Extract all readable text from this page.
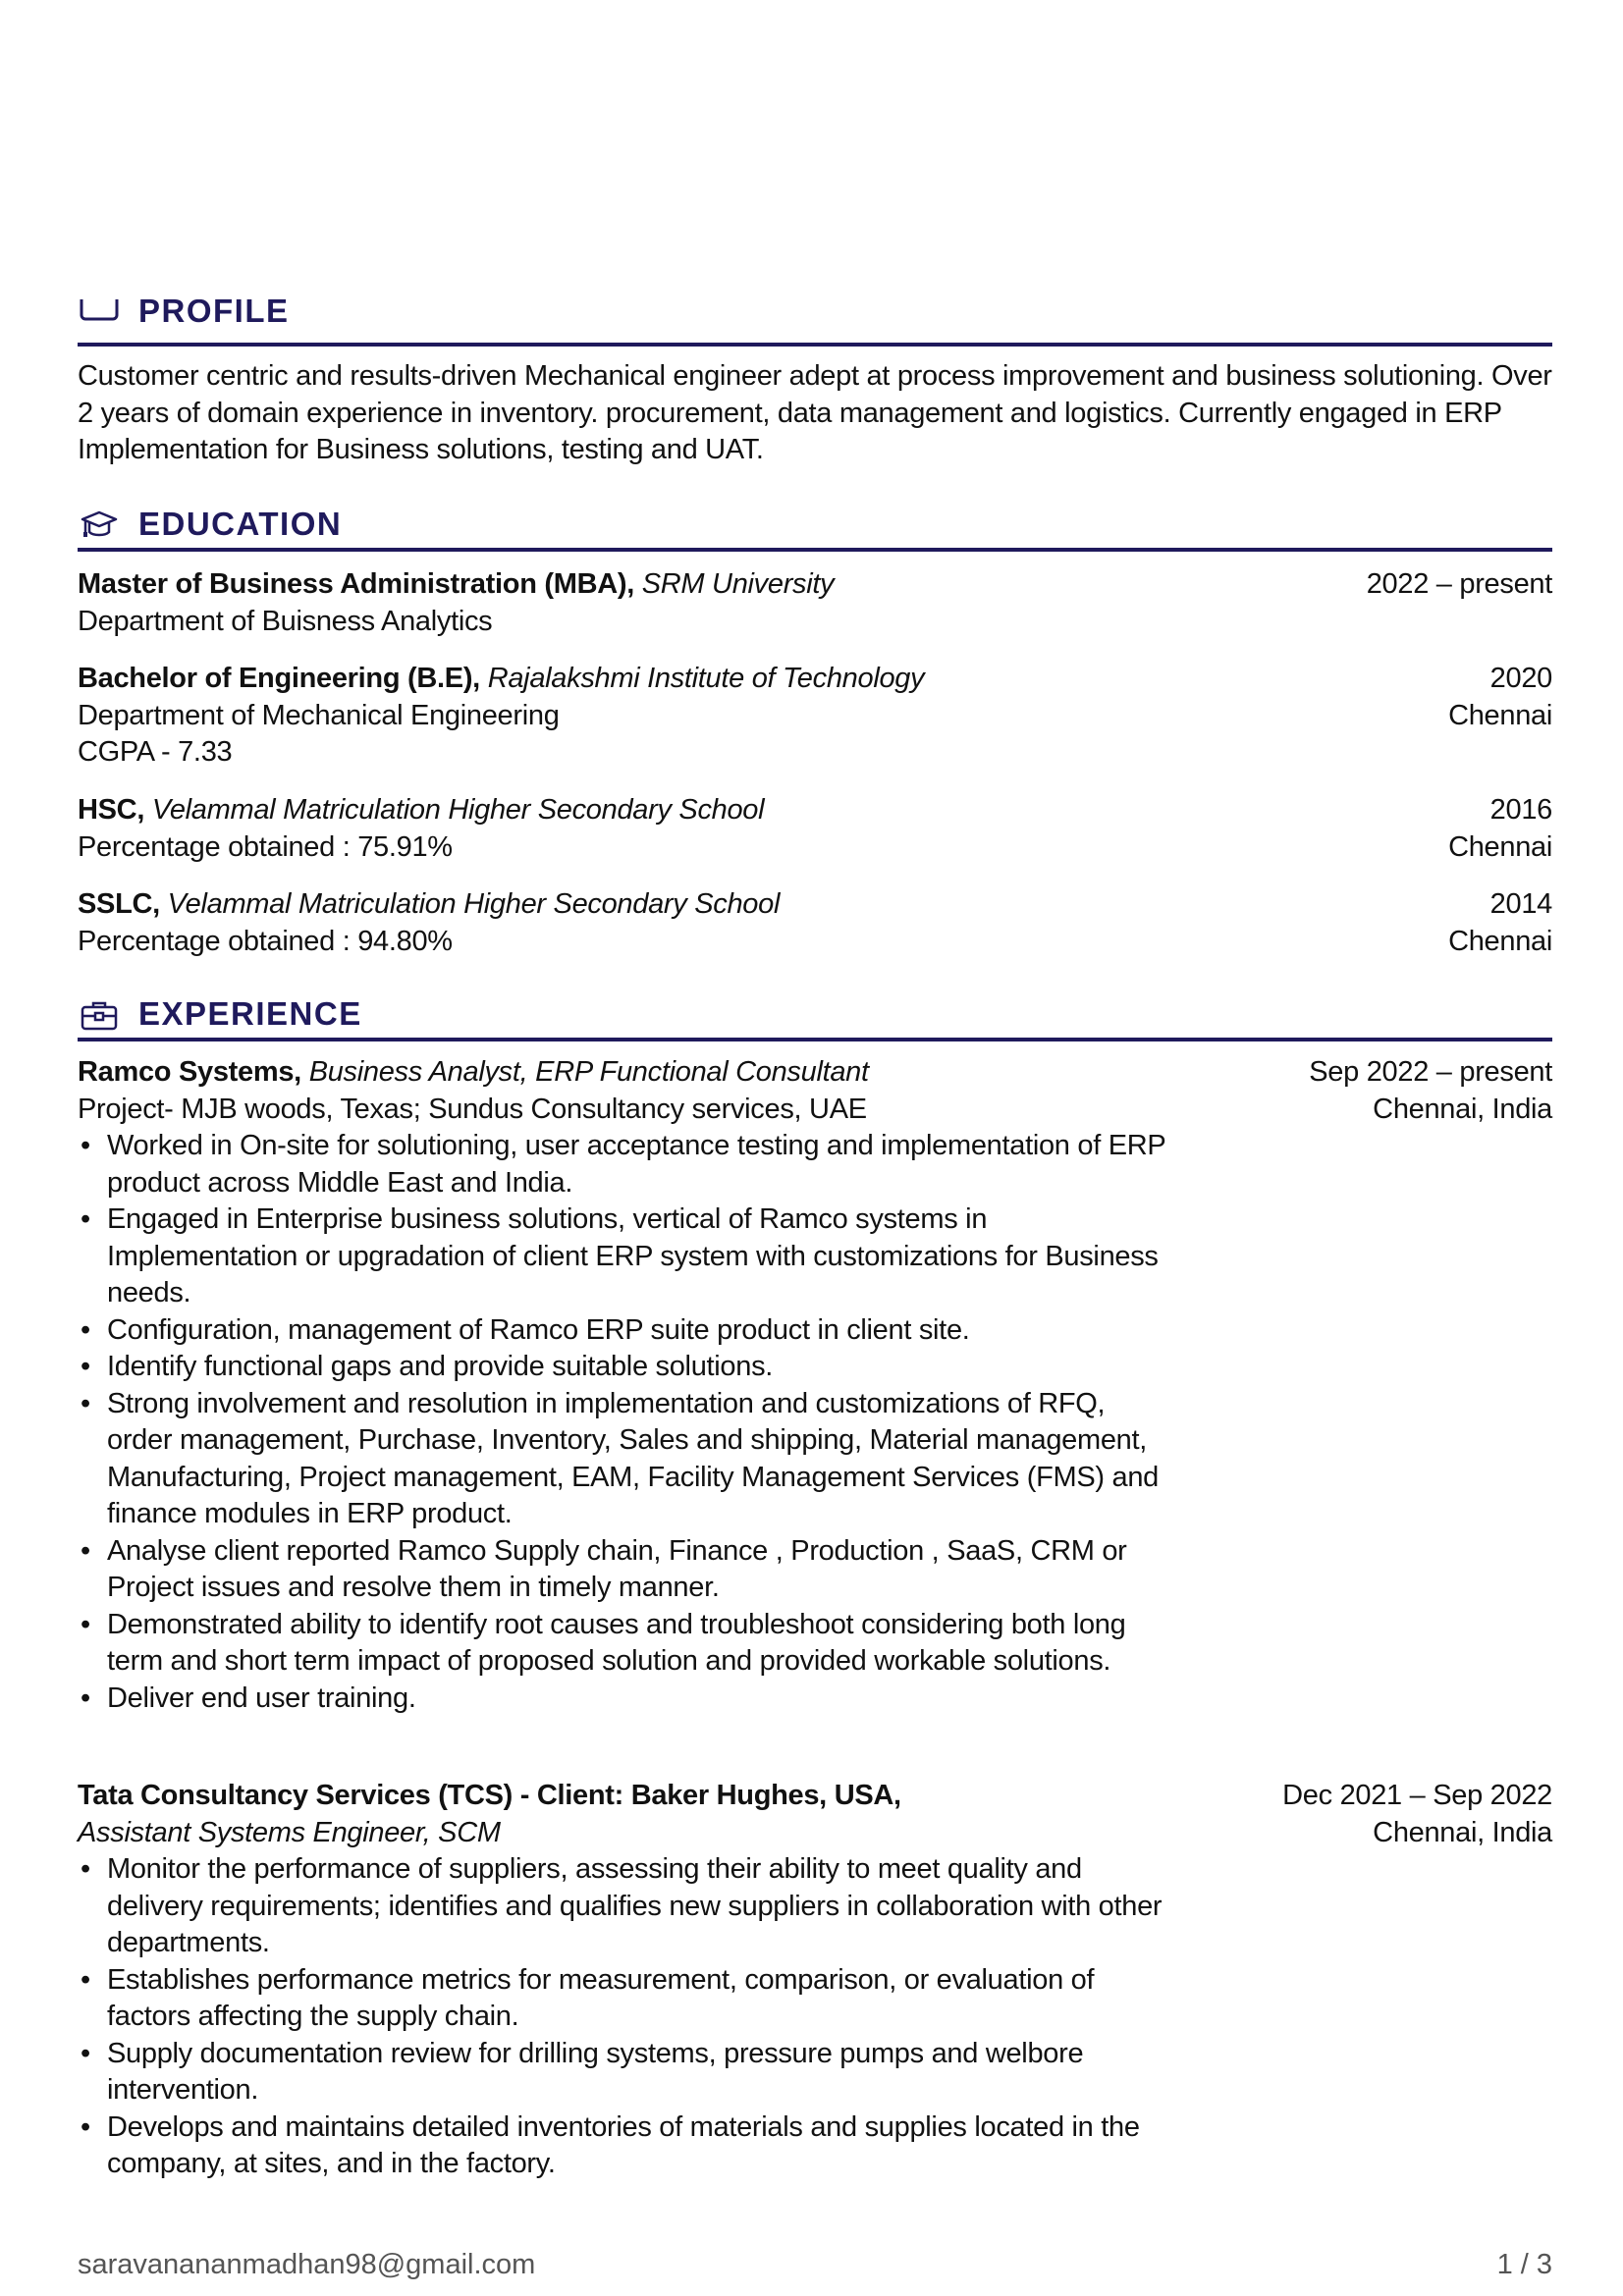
PROFILE
Customer centric and results-driven Mechanical engineer adept at process improvement and business solutioning. Over 2 years of domain experience in inventory. procurement, data management and logistics. Currently engaged in ERP Implementation for Business solutions, testing and UAT.
EDUCATION
Master of Business Administration (MBA), SRM University
Department of Buisness Analytics
2022 – present
Bachelor of Engineering (B.E), Rajalakshmi Institute of Technology
Department of Mechanical Engineering
CGPA - 7.33
2020
Chennai
HSC, Velammal Matriculation Higher Secondary School
Percentage obtained : 75.91%
2016
Chennai
SSLC, Velammal Matriculation Higher Secondary School
Percentage obtained : 94.80%
2014
Chennai
EXPERIENCE
Ramco Systems, Business Analyst, ERP Functional Consultant
Project- MJB woods, Texas; Sundus Consultancy services, UAE
• Worked in On-site for solutioning, user acceptance testing and implementation of ERP product across Middle East and India.
• Engaged in Enterprise business solutions, vertical of Ramco systems in Implementation or upgradation of client ERP system with customizations for Business needs.
• Configuration, management of Ramco ERP suite product in client site.
• Identify functional gaps and provide suitable solutions.
• Strong involvement and resolution in implementation and customizations of RFQ, order management, Purchase, Inventory, Sales and shipping, Material management, Manufacturing, Project management, EAM, Facility Management Services (FMS) and finance modules in ERP product.
• Analyse client reported Ramco Supply chain, Finance , Production , SaaS, CRM or Project issues and resolve them in timely manner.
• Demonstrated ability to identify root causes and troubleshoot considering both long term and short term impact of proposed solution and provided workable solutions.
• Deliver end user training.
Sep 2022 – present
Chennai, India
Tata Consultancy Services (TCS) - Client: Baker Hughes, USA,
Assistant Systems Engineer, SCM
• Monitor the performance of suppliers, assessing their ability to meet quality and delivery requirements; identifies and qualifies new suppliers in collaboration with other departments.
• Establishes performance metrics for measurement, comparison, or evaluation of factors affecting the supply chain.
• Supply documentation review for drilling systems, pressure pumps and welbore intervention.
• Develops and maintains detailed inventories of materials and supplies located in the company, at sites, and in the factory.
Dec 2021 – Sep 2022
Chennai, India
saravanananmadhan98@gmail.com	1 / 3
